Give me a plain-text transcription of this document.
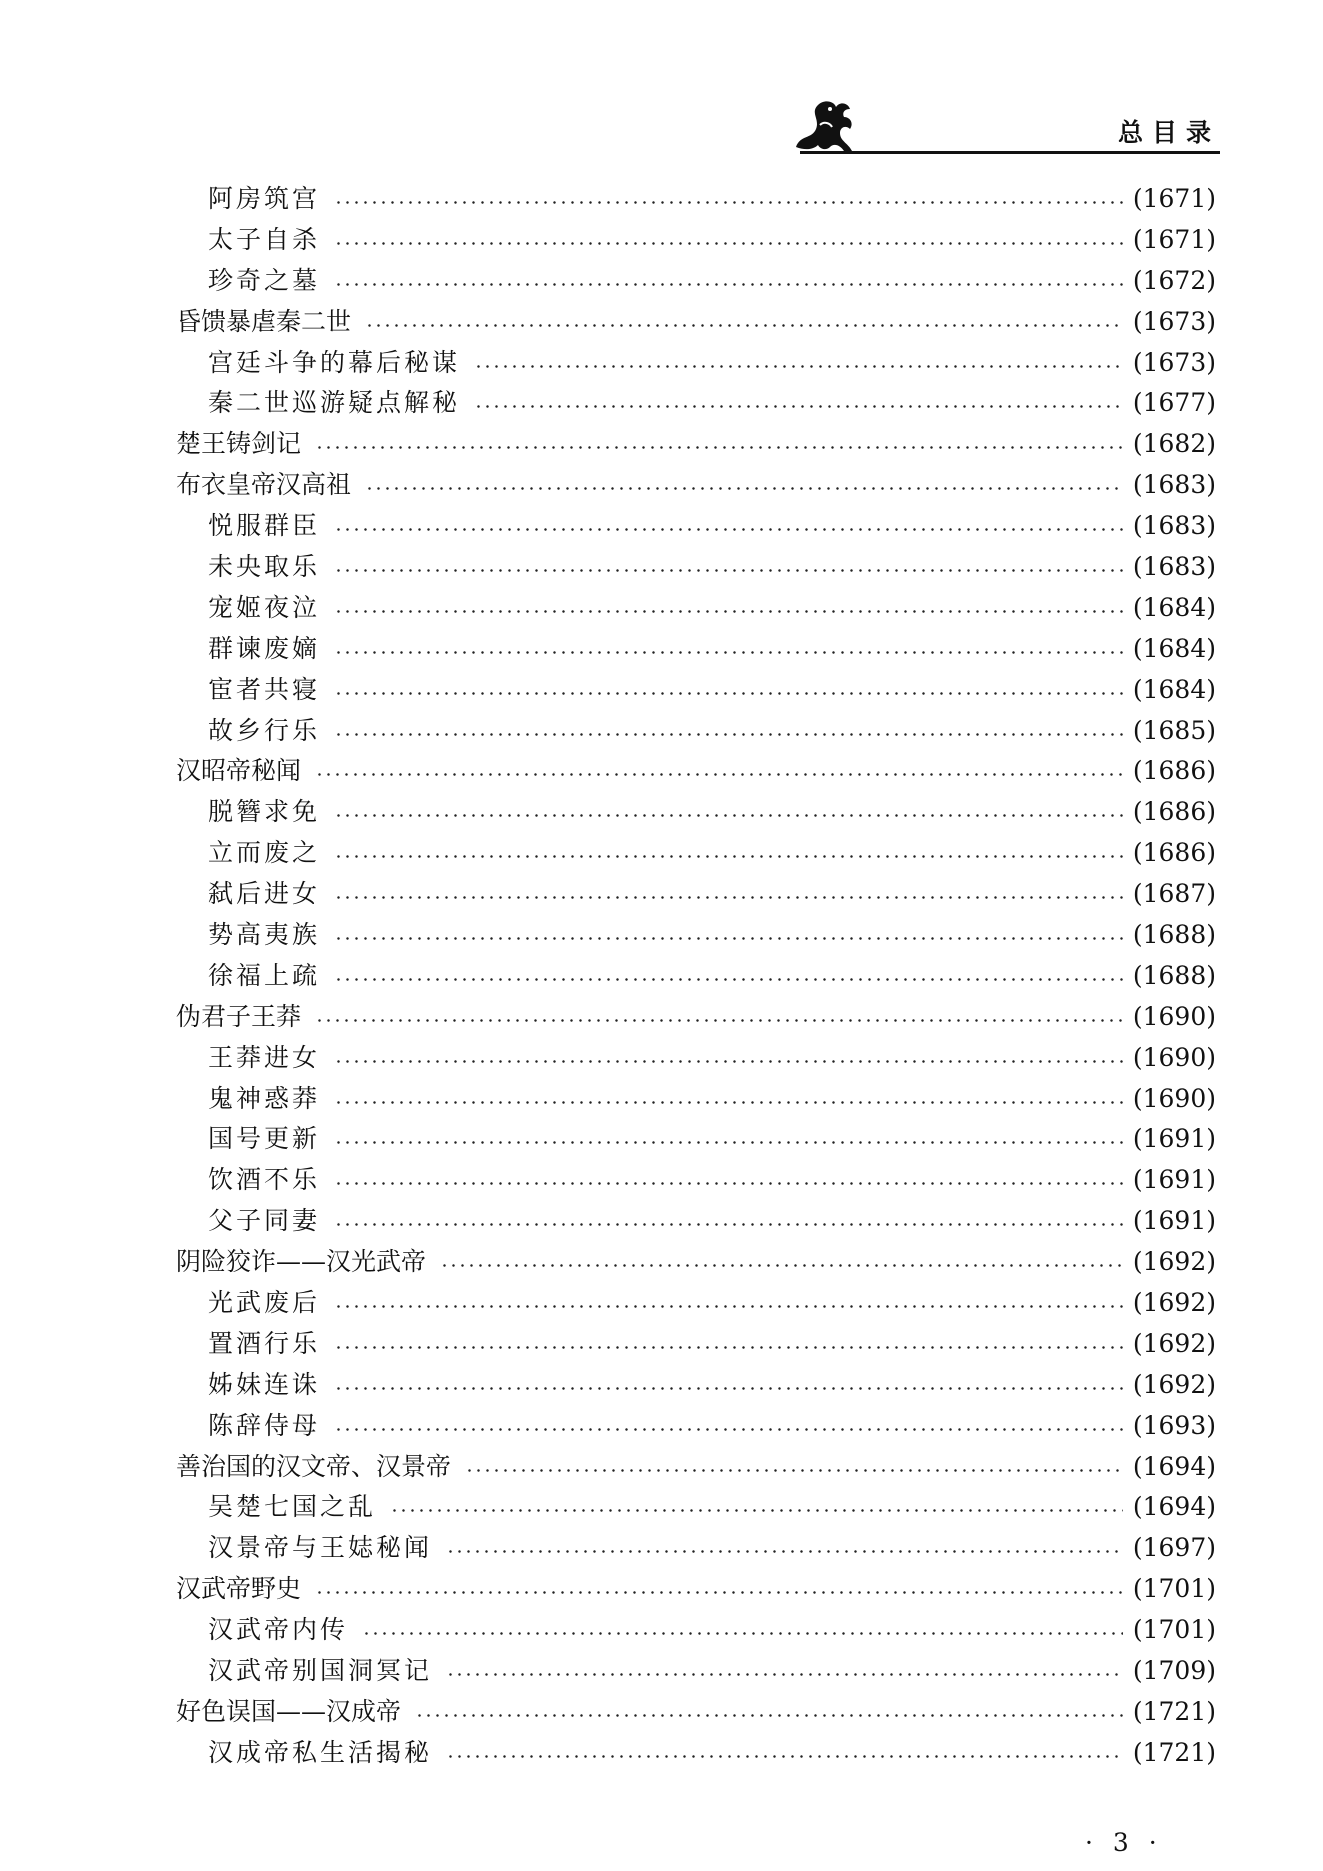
总目录
阿房筑宫	(1671)
太子自杀	(1671)
珍奇之墓	(1672)
昏馈暴虐秦二世	(1673)
宫廷斗争的幕后秘谋	(1673)
秦二世巡游疑点解秘	(1677)
楚王铸剑记	(1682)
布衣皇帝汉高祖	(1683)
悦服群臣	(1683)
未央取乐	(1683)
宠姬夜泣	(1684)
群谏废嫡	(1684)
宦者共寝	(1684)
故乡行乐	(1685)
汉昭帝秘闻	(1686)
脱簪求免	(1686)
立而废之	(1686)
弑后进女	(1687)
势高夷族	(1688)
徐福上疏	(1688)
伪君子王莽	(1690)
王莽进女	(1690)
鬼神惑莽	(1690)
国号更新	(1691)
饮酒不乐	(1691)
父子同妻	(1691)
阴险狡诈——汉光武帝	(1692)
光武废后	(1692)
置酒行乐	(1692)
姊妹连诛	(1692)
陈辞侍母	(1693)
善治国的汉文帝、汉景帝	(1694)
吴楚七国之乱	(1694)
汉景帝与王娡秘闻	(1697)
汉武帝野史	(1701)
汉武帝内传	(1701)
汉武帝别国洞冥记	(1709)
好色误国——汉成帝	(1721)
汉成帝私生活揭秘	(1721)
· 3 ·
